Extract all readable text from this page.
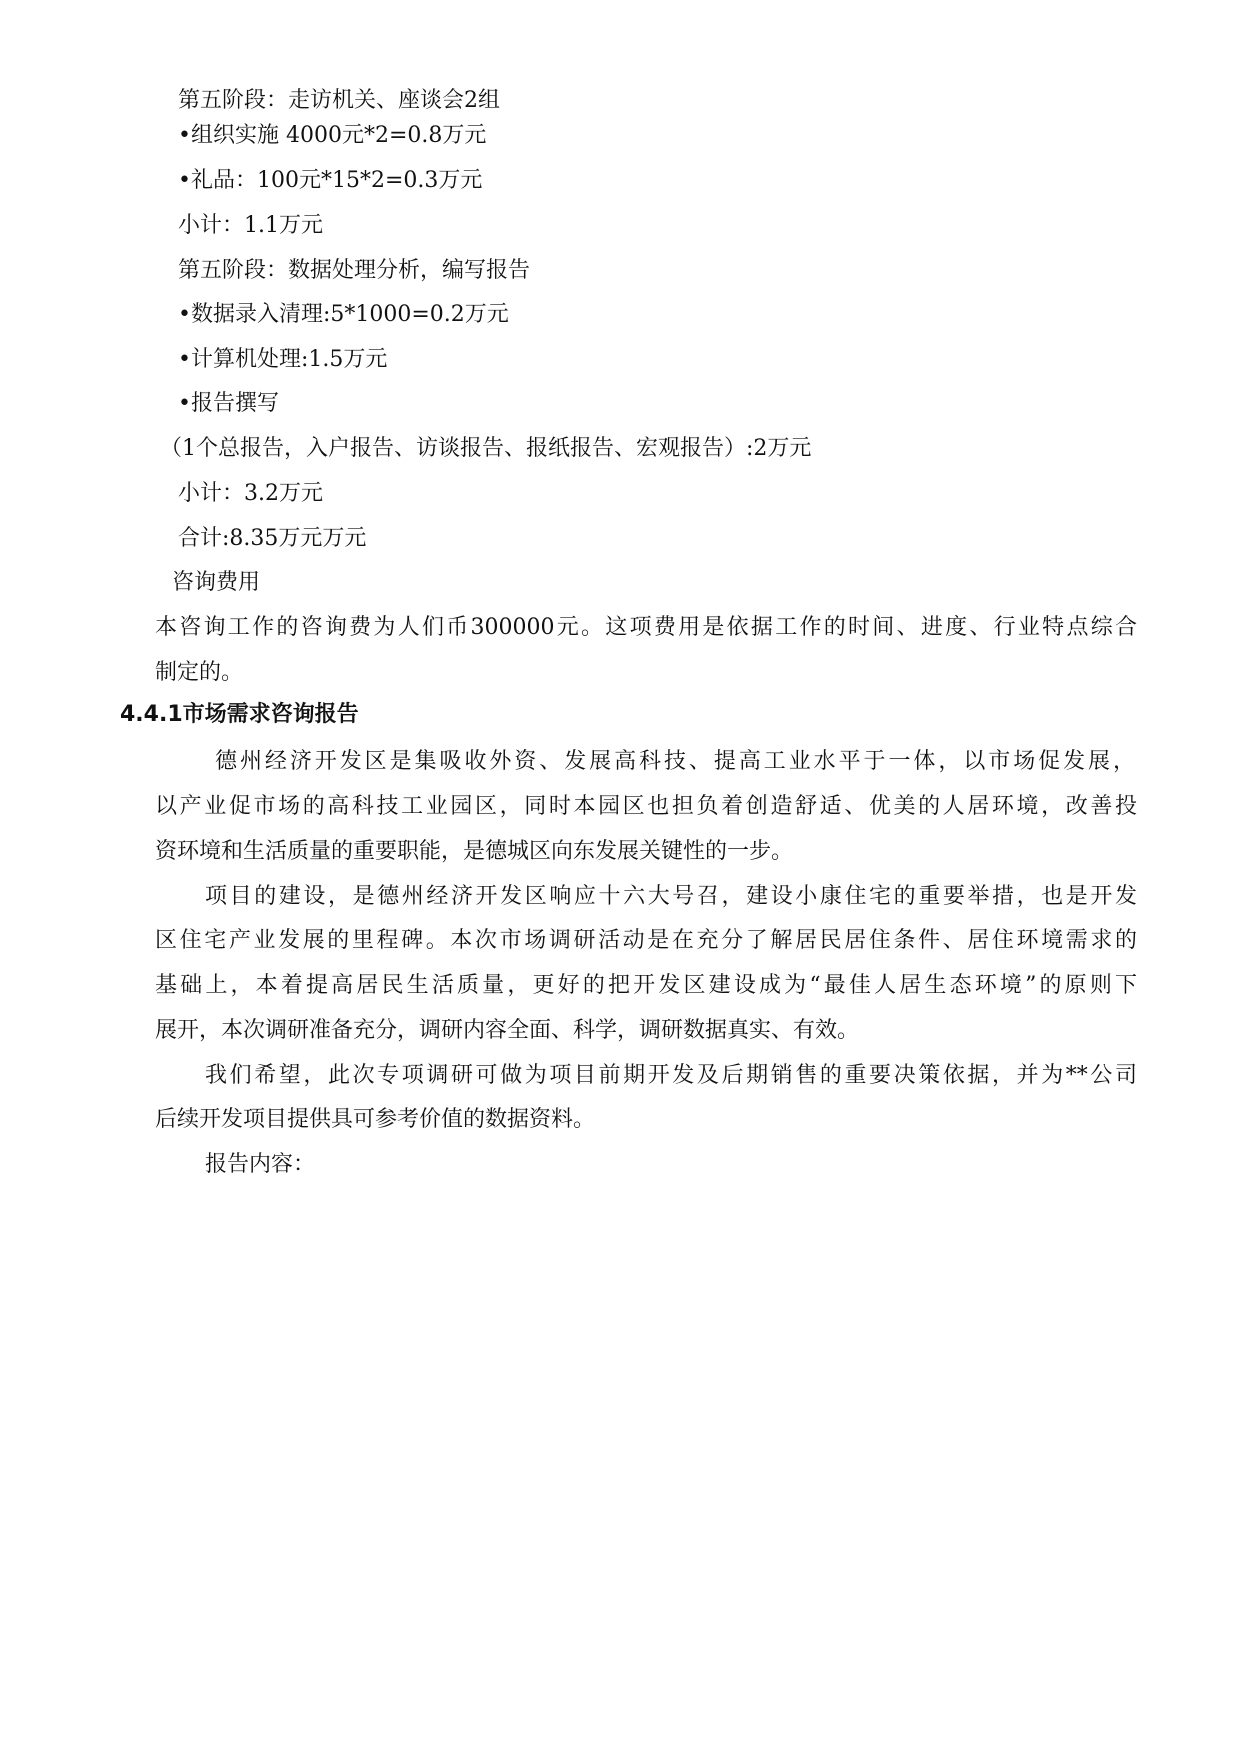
第五阶段：走访机关、座谈会2组
•组织实施 4000元*2=0.8万元
•礼品：100元*15*2=0.3万元
小计：1.1万元
第五阶段：数据处理分析，编写报告
•数据录入清理:5*1000=0.2万元
•计算机处理:1.5万元
•报告撰写
（1个总报告，入户报告、访谈报告、报纸报告、宏观报告）:2万元
小计：3.2万元
合计:8.35万元万元
咨询费用
本咨询工作的咨询费为人们币300000元。这项费用是依据工作的时间、进度、行业特点综合
制定的。
4.4.1市场需求咨询报告
德州经济开发区是集吸收外资、发展高科技、提高工业水平于一体，以市场促发展，
以产业促市场的高科技工业园区，同时本园区也担负着创造舒适、优美的人居环境，改善投
资环境和生活质量的重要职能，是德城区向东发展关键性的一步。
项目的建设，是德州经济开发区响应十六大号召，建设小康住宅的重要举措，也是开发
区住宅产业发展的里程碑。本次市场调研活动是在充分了解居民居住条件、居住环境需求的
基础上，本着提高居民生活质量，更好的把开发区建设成为“最佳人居生态环境”的原则下
展开，本次调研准备充分，调研内容全面、科学，调研数据真实、有效。
我们希望，此次专项调研可做为项目前期开发及后期销售的重要决策依据，并为**公司
后续开发项目提供具可参考价值的数据资料。
报告内容：
